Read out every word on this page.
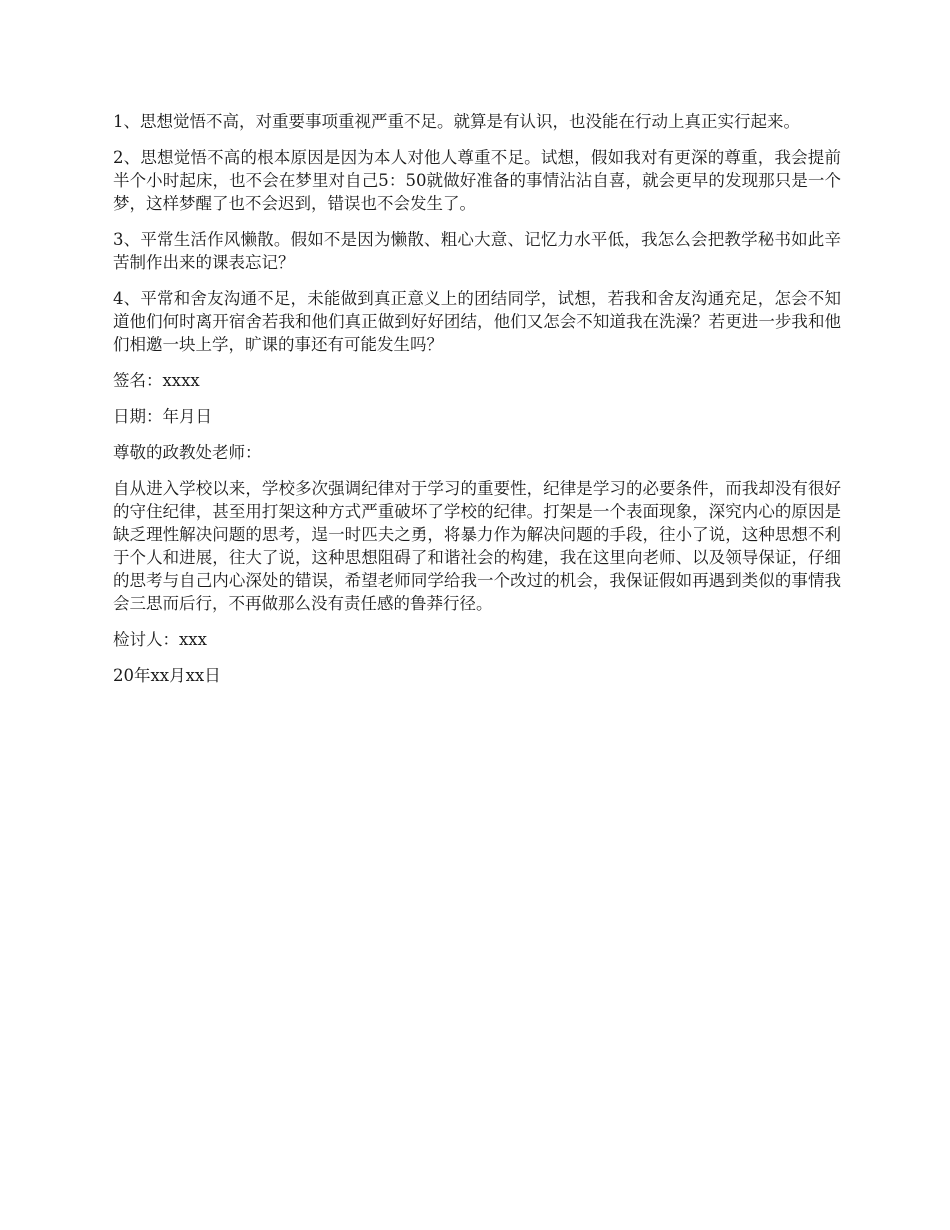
1、思想觉悟不高，对重要事项重视严重不足。就算是有认识，也没能在行动上真正实行起来。

2、思想觉悟不高的根本原因是因为本人对他人尊重不足。试想，假如我对有更深的尊重，我会提前半个小时起床，也不会在梦里对自己5：50就做好准备的事情沾沾自喜，就会更早的发现那只是一个梦，这样梦醒了也不会迟到，错误也不会发生了。

3、平常生活作风懒散。假如不是因为懒散、粗心大意、记忆力水平低，我怎么会把教学秘书如此辛苦制作出来的课表忘记？

4、平常和舍友沟通不足，未能做到真正意义上的团结同学，试想，若我和舍友沟通充足，怎会不知道他们何时离开宿舍若我和他们真正做到好好团结，他们又怎会不知道我在洗澡？若更进一步我和他们相邀一块上学，旷课的事还有可能发生吗？

签名：xxxx

日期：年月日

尊敬的政教处老师：

自从进入学校以来，学校多次强调纪律对于学习的重要性，纪律是学习的必要条件，而我却没有很好的守住纪律，甚至用打架这种方式严重破坏了学校的纪律。打架是一个表面现象，深究内心的原因是缺乏理性解决问题的思考，逞一时匹夫之勇，将暴力作为解决问题的手段，往小了说，这种思想不利于个人和进展，往大了说，这种思想阻碍了和谐社会的构建，我在这里向老师、以及领导保证，仔细的思考与自己内心深处的错误，希望老师同学给我一个改过的机会，我保证假如再遇到类似的事情我会三思而后行，不再做那么没有责任感的鲁莽行径。

检讨人：xxx

20年xx月xx日
